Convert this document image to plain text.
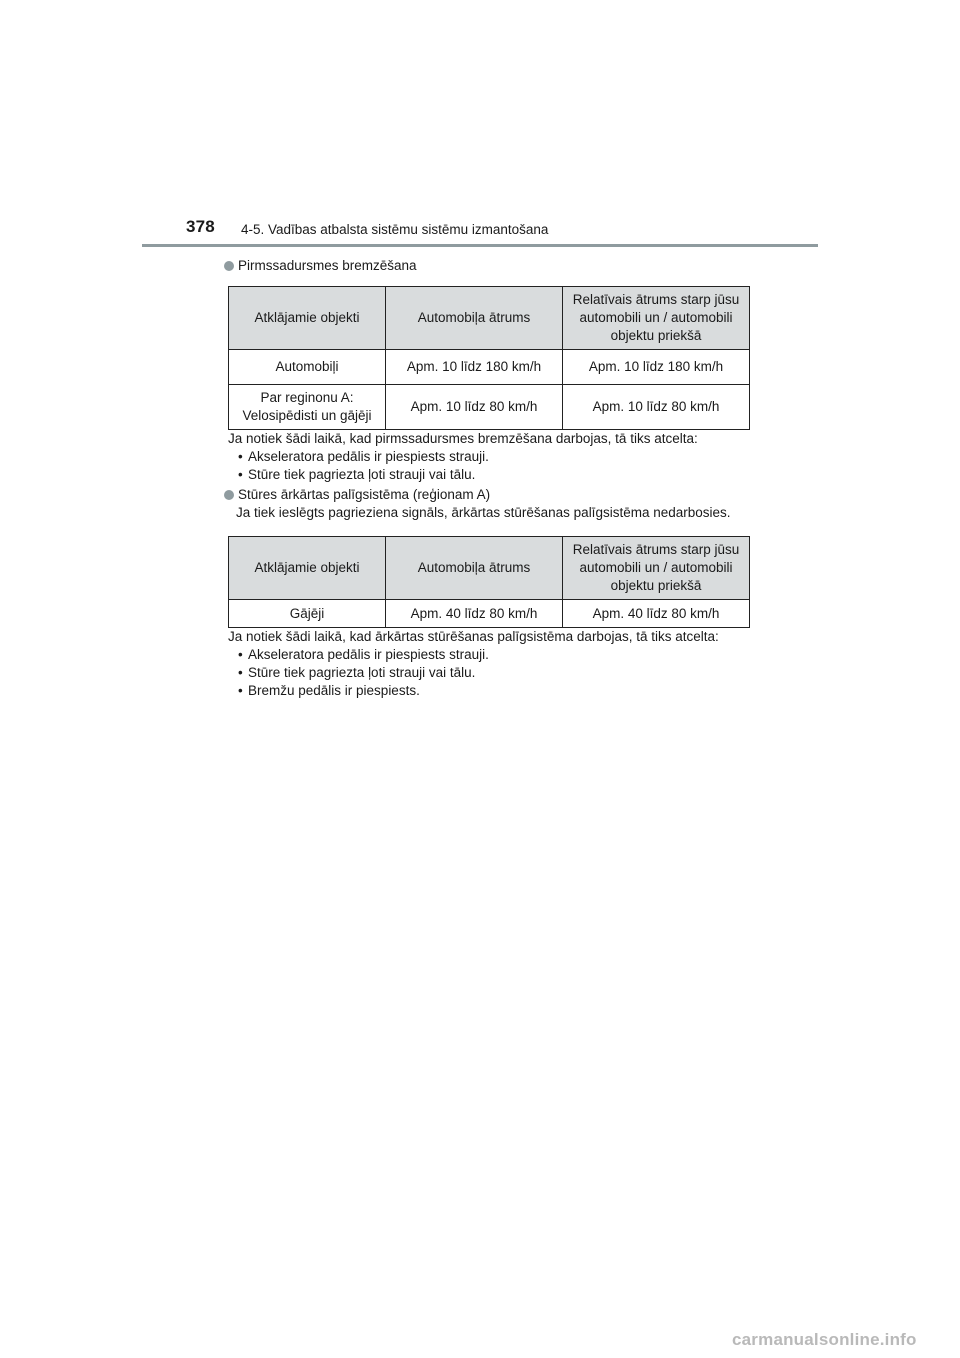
378 4-5. Vadības atbalsta sistēmu sistēmu izmantošana
Pirmssadursmes bremzēšana
Atklājamie objekti	Automobiļa ātrums	Relatīvais ātrums starp jūsu automobili un / automobili objektu priekšā
Automobiļi	Apm. 10 līdz 180 km/h	Apm. 10 līdz 180 km/h
Par reginonu A: Velosipēdisti un gājēji	Apm. 10 līdz 80 km/h	Apm. 10 līdz 80 km/h

Ja notiek šādi laikā, kad pirmssadursmes bremzēšana darbojas, tā tiks atcelta:

• Akseleratora pedālis ir piespiests strauji.
• Stūre tiek pagriezta ļoti strauji vai tālu.
Stūres ārkārtas palīgsistēma (reģionam A)

Ja tiek ieslēgts pagrieziena signāls, ārkārtas stūrēšanas palīgsistēma nedarbosies.

Atklājamie objekti	Automobiļa ātrums	Relatīvais ātrums starp jūsu automobili un / automobili objektu priekšā
Gājēji	Apm. 40 līdz 80 km/h	Apm. 40 līdz 80 km/h

Ja notiek šādi laikā, kad ārkārtas stūrēšanas palīgsistēma darbojas, tā tiks atcelta:

• Akseleratora pedālis ir piespiests strauji.
• Stūre tiek pagriezta ļoti strauji vai tālu.
• Bremžu pedālis ir piespiests.
carmanualsonline.info
